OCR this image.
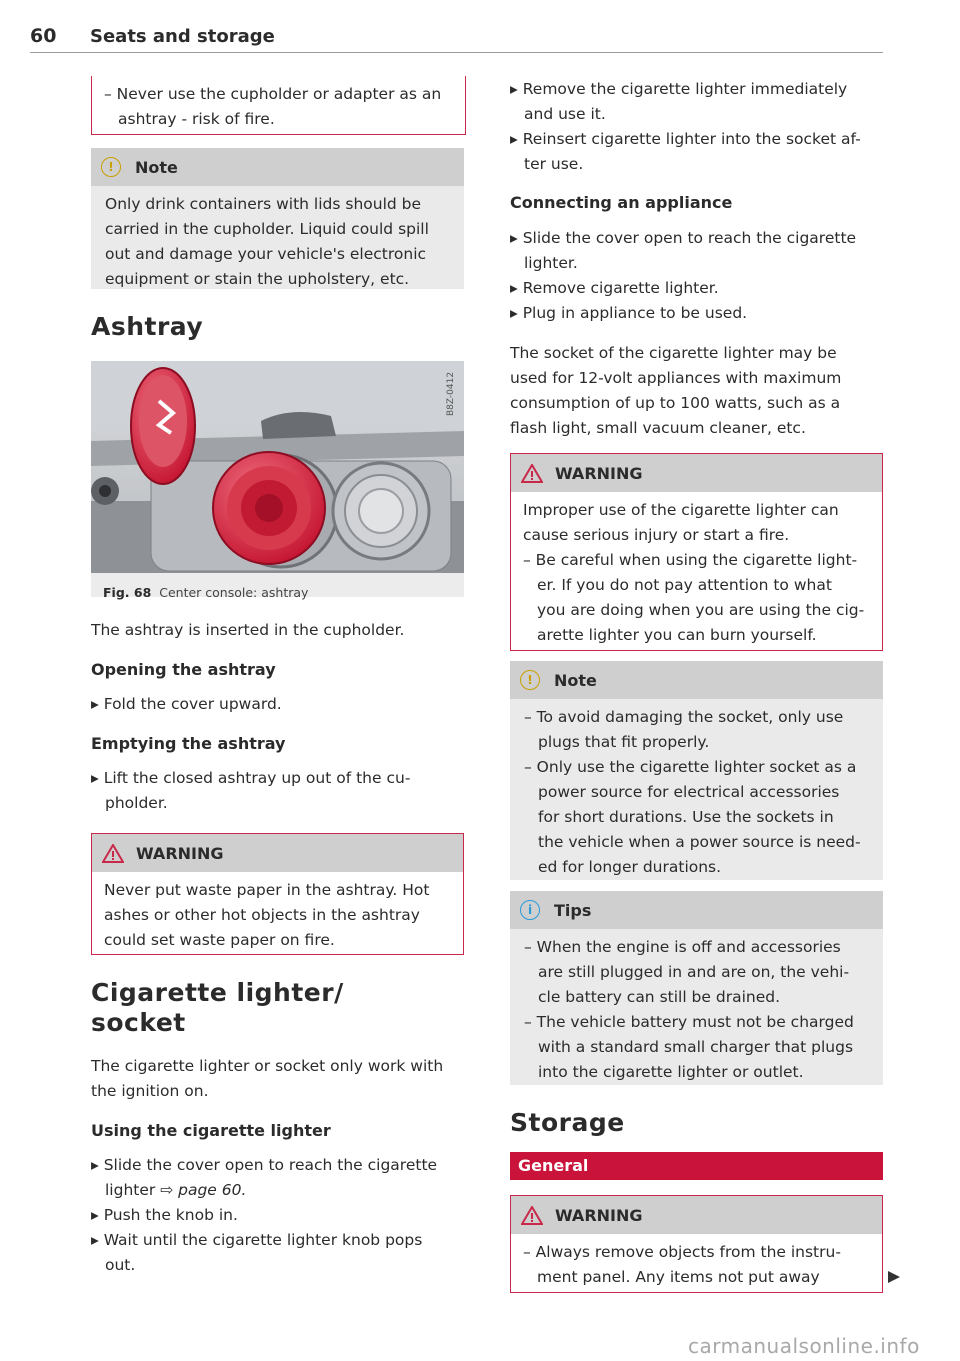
60 Seats and storage

– Never use the cupholder or adapter as an

ashtray - risk of fire.

!	Note

Only drink containers with lids should be

carried in the cupholder. Liquid could spill

out and damage your vehicle's electronic

equipment or stain the upholstery, etc.

Ashtray
B8Z-0412
Fig. 68 Center console: ashtray

The ashtray is inserted in the cupholder.

Opening the ashtray

▸ Fold the cover upward.

Emptying the ashtray

▸ Lift the closed ashtray up out of the cu-

pholder.

WARNING

Never put waste paper in the ashtray. Hot

ashes or other hot objects in the ashtray

could set waste paper on fire.

Cigarette lighter/
socket

The cigarette lighter or socket only work with

the ignition on.

Using the cigarette lighter

▸ Slide the cover open to reach the cigarette

lighter ⇨ page 60.

▸ Push the knob in.

▸ Wait until the cigarette lighter knob pops

out.

▸ Remove the cigarette lighter immediately

and use it.

▸ Reinsert cigarette lighter into the socket af-

ter use.

Connecting an appliance

▸ Slide the cover open to reach the cigarette

lighter.

▸ Remove cigarette lighter.

▸ Plug in appliance to be used.

The socket of the cigarette lighter may be

used for 12-volt appliances with maximum

consumption of up to 100 watts, such as a

flash light, small vacuum cleaner, etc.

WARNING

Improper use of the cigarette lighter can

cause serious injury or start a fire.

– Be careful when using the cigarette light-

er. If you do not pay attention to what

you are doing when you are using the cig-

arette lighter you can burn yourself.

!	Note

– To avoid damaging the socket, only use

plugs that fit properly.

– Only use the cigarette lighter socket as a

power source for electrical accessories

for short durations. Use the sockets in

the vehicle when a power source is need-

ed for longer durations.

i	Tips

– When the engine is off and accessories

are still plugged in and are on, the vehi-

cle battery can still be drained.

– The vehicle battery must not be charged

with a standard small charger that plugs

into the cigarette lighter or outlet.

Storage
General
WARNING

– Always remove objects from the instru-

ment panel. Any items not put away

carmanualsonline.info
